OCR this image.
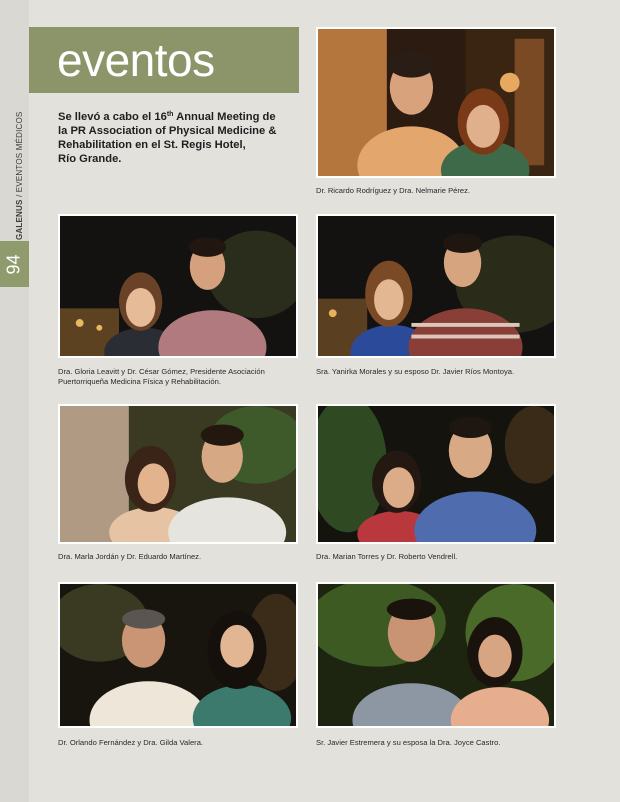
GALENUS / EVENTOS MÉDICOS
94
eventos
Se llevó a cabo el 16th Annual Meeting de
la PR Association of Physical Medicine &
Rehabilitation en el St. Regis Hotel,
Río Grande.
Dr. Ricardo Rodríguez y Dra. Nelmarie Pérez.
Dra. Gloria Leavitt y Dr. César Gómez, Presidente Asociación Puertorriqueña Medicina Física y Rehabilitación.
Sra. Yanirka Morales y su esposo Dr. Javier Ríos Montoya.
Dra. Marla Jordán y Dr. Eduardo Martínez.	Dra. Marian Torres y Dr. Roberto Vendrell.
Dr. Orlando Fernández y Dra. Gilda Valera.	Sr. Javier Estremera y su esposa la Dra. Joyce Castro.
